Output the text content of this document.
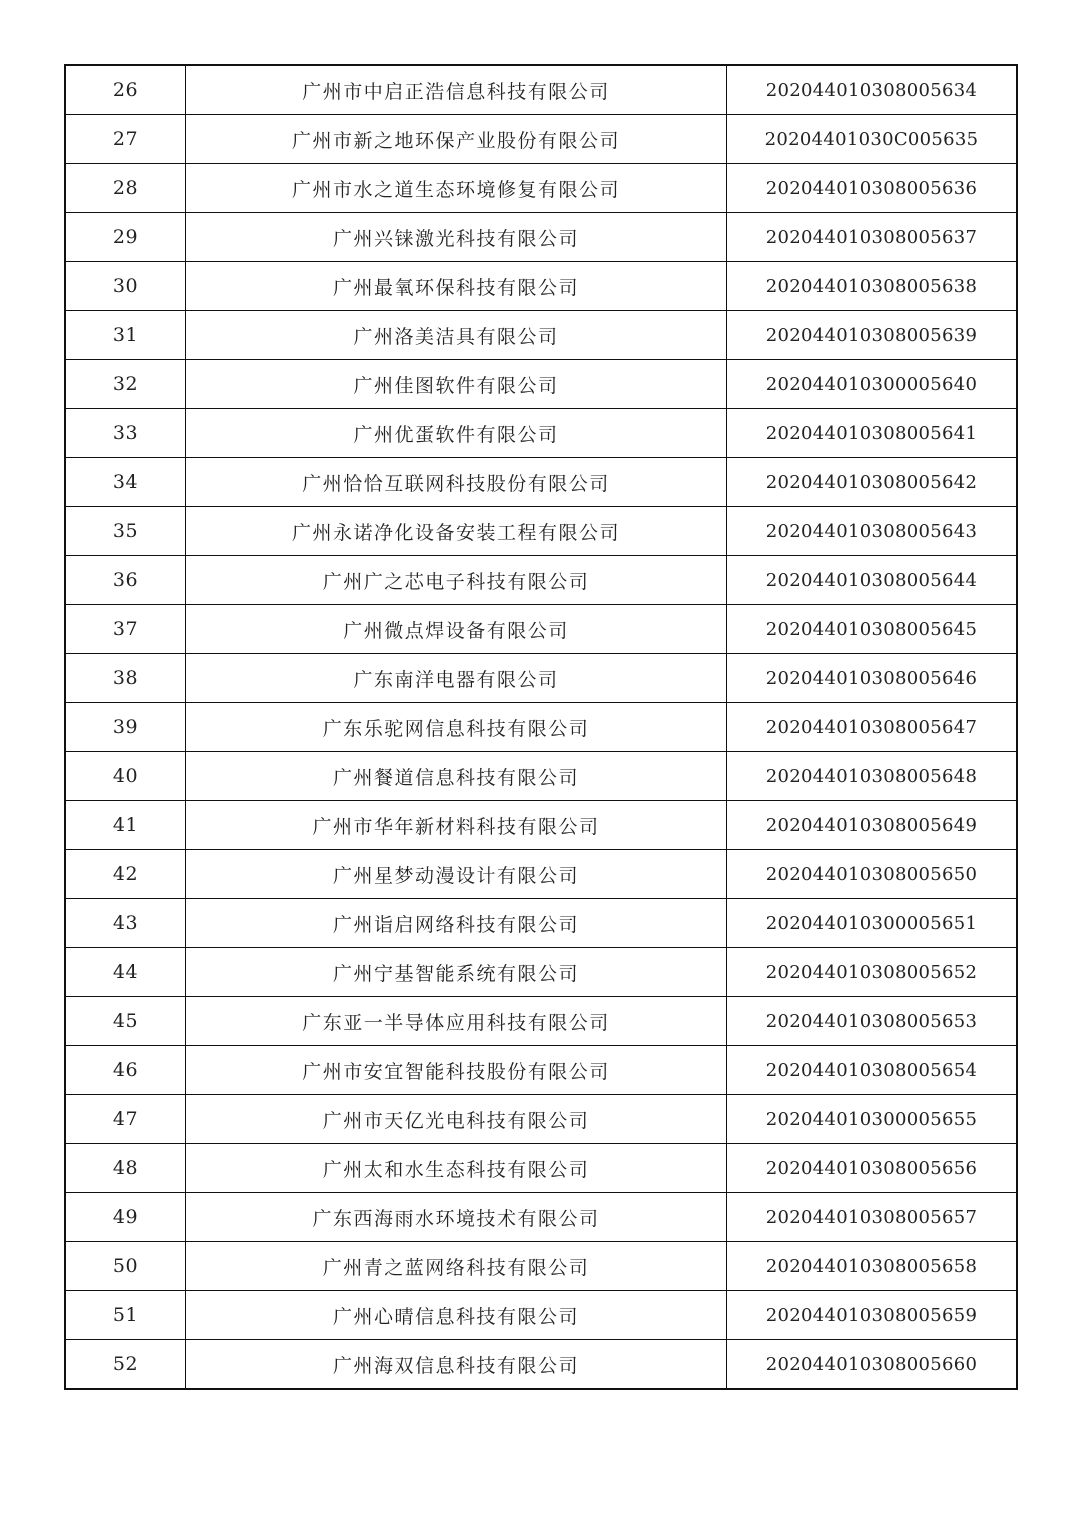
26	广州市中启正浩信息科技有限公司	202044010308005634
27	广州市新之地环保产业股份有限公司	20204401030C005635
28	广州市水之道生态环境修复有限公司	202044010308005636
29	广州兴铼激光科技有限公司	202044010308005637
30	广州最氧环保科技有限公司	202044010308005638
31	广州洛美洁具有限公司	202044010308005639
32	广州佳图软件有限公司	202044010300005640
33	广州优蛋软件有限公司	202044010308005641
34	广州恰恰互联网科技股份有限公司	202044010308005642
35	广州永诺净化设备安装工程有限公司	202044010308005643
36	广州广之芯电子科技有限公司	202044010308005644
37	广州微点焊设备有限公司	202044010308005645
38	广东南洋电器有限公司	202044010308005646
39	广东乐驼网信息科技有限公司	202044010308005647
40	广州餐道信息科技有限公司	202044010308005648
41	广州市华年新材料科技有限公司	202044010308005649
42	广州星梦动漫设计有限公司	202044010308005650
43	广州诣启网络科技有限公司	202044010300005651
44	广州宁基智能系统有限公司	202044010308005652
45	广东亚一半导体应用科技有限公司	202044010308005653
46	广州市安宜智能科技股份有限公司	202044010308005654
47	广州市天亿光电科技有限公司	202044010300005655
48	广州太和水生态科技有限公司	202044010308005656
49	广东西海雨水环境技术有限公司	202044010308005657
50	广州青之蓝网络科技有限公司	202044010308005658
51	广州心晴信息科技有限公司	202044010308005659
52	广州海双信息科技有限公司	202044010308005660
